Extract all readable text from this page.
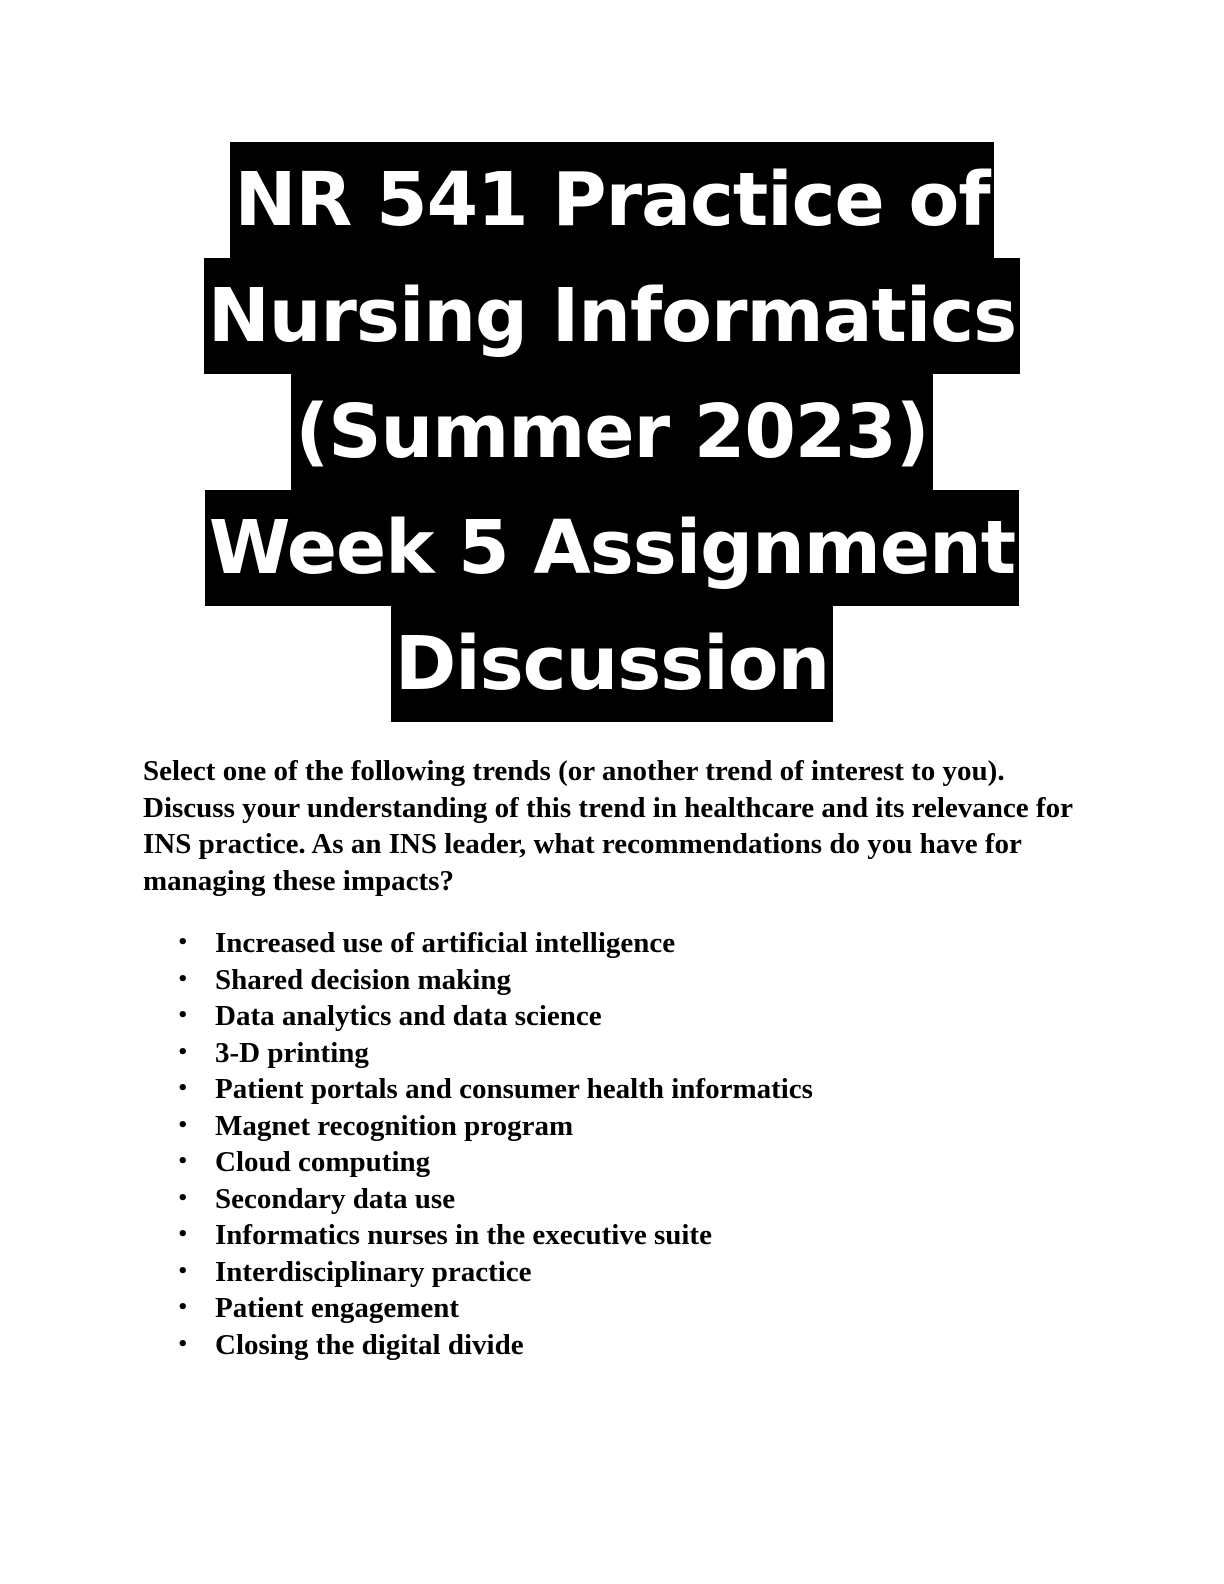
NR 541 Practice of
Nursing Informatics
(Summer 2023)
Week 5 Assignment
Discussion

Select one of the following trends (or another trend of interest to you). Discuss your understanding of this trend in healthcare and its relevance for INS practice. As an INS leader, what recommendations do you have for managing these impacts?

• Increased use of artificial intelligence
• Shared decision making
• Data analytics and data science
• 3-D printing
• Patient portals and consumer health informatics
• Magnet recognition program
• Cloud computing
• Secondary data use
• Informatics nurses in the executive suite
• Interdisciplinary practice
• Patient engagement
• Closing the digital divide
